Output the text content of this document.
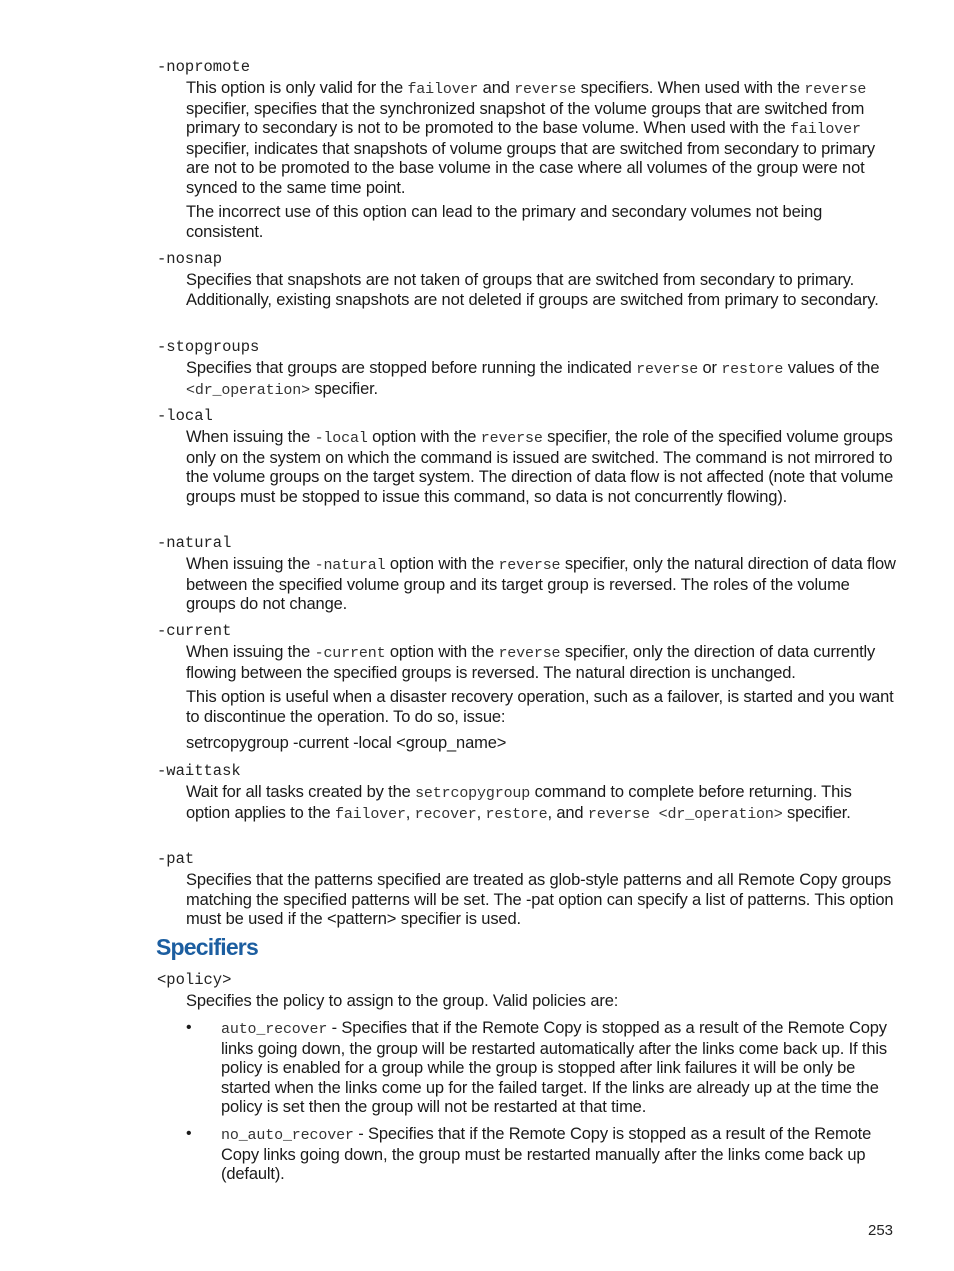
-nopromote
This option is only valid for the failover and reverse specifiers. When used with the reverse specifier, specifies that the synchronized snapshot of the volume groups that are switched from primary to secondary is not to be promoted to the base volume. When used with the failover specifier, indicates that snapshots of volume groups that are switched from secondary to primary are not to be promoted to the base volume in the case where all volumes of the group were not synced to the same time point.
The incorrect use of this option can lead to the primary and secondary volumes not being consistent.
-nosnap
Specifies that snapshots are not taken of groups that are switched from secondary to primary. Additionally, existing snapshots are not deleted if groups are switched from primary to secondary.
-stopgroups
Specifies that groups are stopped before running the indicated reverse or restore values of the <dr_operation> specifier.
-local
When issuing the -local option with the reverse specifier, the role of the specified volume groups only on the system on which the command is issued are switched. The command is not mirrored to the volume groups on the target system. The direction of data flow is not affected (note that volume groups must be stopped to issue this command, so data is not concurrently flowing).
-natural
When issuing the -natural option with the reverse specifier, only the natural direction of data flow between the specified volume group and its target group is reversed. The roles of the volume groups do not change.
-current
When issuing the -current option with the reverse specifier, only the direction of data currently flowing between the specified groups is reversed. The natural direction is unchanged.
This option is useful when a disaster recovery operation, such as a failover, is started and you want to discontinue the operation. To do so, issue:
setrcopygroup -current -local <group_name>
-waittask
Wait for all tasks created by the setrcopygroup command to complete before returning. This option applies to the failover, recover, restore, and reverse <dr_operation> specifier.
-pat
Specifies that the patterns specified are treated as glob-style patterns and all Remote Copy groups matching the specified patterns will be set. The -pat option can specify a list of patterns. This option must be used if the <pattern> specifier is used.
Specifiers
<policy>
Specifies the policy to assign to the group. Valid policies are:
• auto_recover - Specifies that if the Remote Copy is stopped as a result of the Remote Copy links going down, the group will be restarted automatically after the links come back up. If this policy is enabled for a group while the group is stopped after link failures it will be only be started when the links come up for the failed target. If the links are already up at the time the policy is set then the group will not be restarted at that time.
• no_auto_recover - Specifies that if the Remote Copy is stopped as a result of the Remote Copy links going down, the group must be restarted manually after the links come back up (default).
253
